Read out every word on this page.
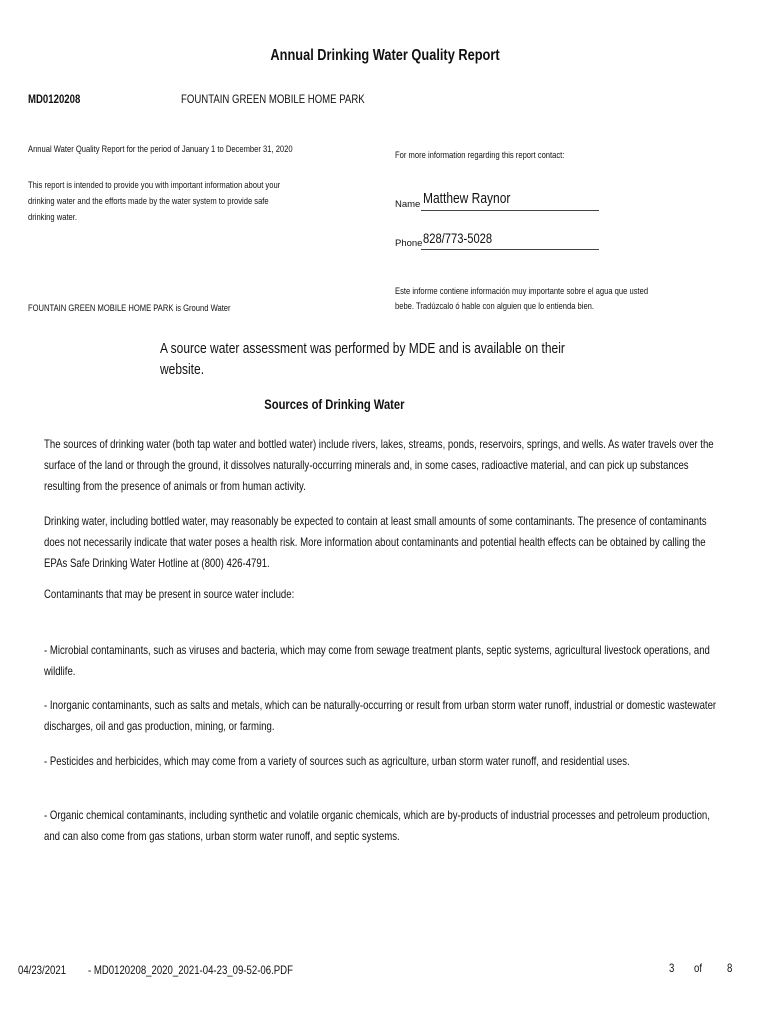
Annual Drinking Water Quality Report
MD0120208	FOUNTAIN GREEN MOBILE HOME PARK
Annual Water Quality Report for the period of January 1 to December 31, 2020
This report is intended to provide you with important information about your
drinking water and the efforts made by the water system to provide safe
drinking water.
For more information regarding this report contact:
Name Matthew Raynor
Phone 828/773-5028
Este informe contiene información muy importante sobre el agua que usted
bebe. Tradúzcalo ó hable con alguien que lo entienda bien.
FOUNTAIN GREEN MOBILE HOME PARK is Ground Water
A source water assessment was performed by MDE and is available on their
website.
Sources of Drinking Water
The sources of drinking water (both tap water and bottled water) include rivers, lakes, streams, ponds, reservoirs, springs, and wells. As water travels over the
surface of the land or through the ground, it dissolves naturally-occurring minerals and, in some cases, radioactive material, and can pick up substances
resulting from the presence of animals or from human activity.
Drinking water, including bottled water, may reasonably be expected to contain at least small amounts of some contaminants. The presence of contaminants
does not necessarily indicate that water poses a health risk. More information about contaminants and potential health effects can be obtained by calling the
EPAs Safe Drinking Water Hotline at (800) 426-4791.
Contaminants that may be present in source water include:
- Microbial contaminants, such as viruses and bacteria, which may come from sewage treatment plants, septic systems, agricultural livestock operations, and
wildlife.
- Inorganic contaminants, such as salts and metals, which can be naturally-occurring or result from urban storm water runoff, industrial or domestic wastewater
discharges, oil and gas production, mining, or farming.
- Pesticides and herbicides, which may come from a variety of sources such as agriculture, urban storm water runoff, and residential uses.
- Organic chemical contaminants, including synthetic and volatile organic chemicals, which are by-products of industrial processes and petroleum production,
and can also come from gas stations, urban storm water runoff, and septic systems.
04/23/2021 - MD0120208_2020_2021-04-23_09-52-06.PDF	3 of 8
